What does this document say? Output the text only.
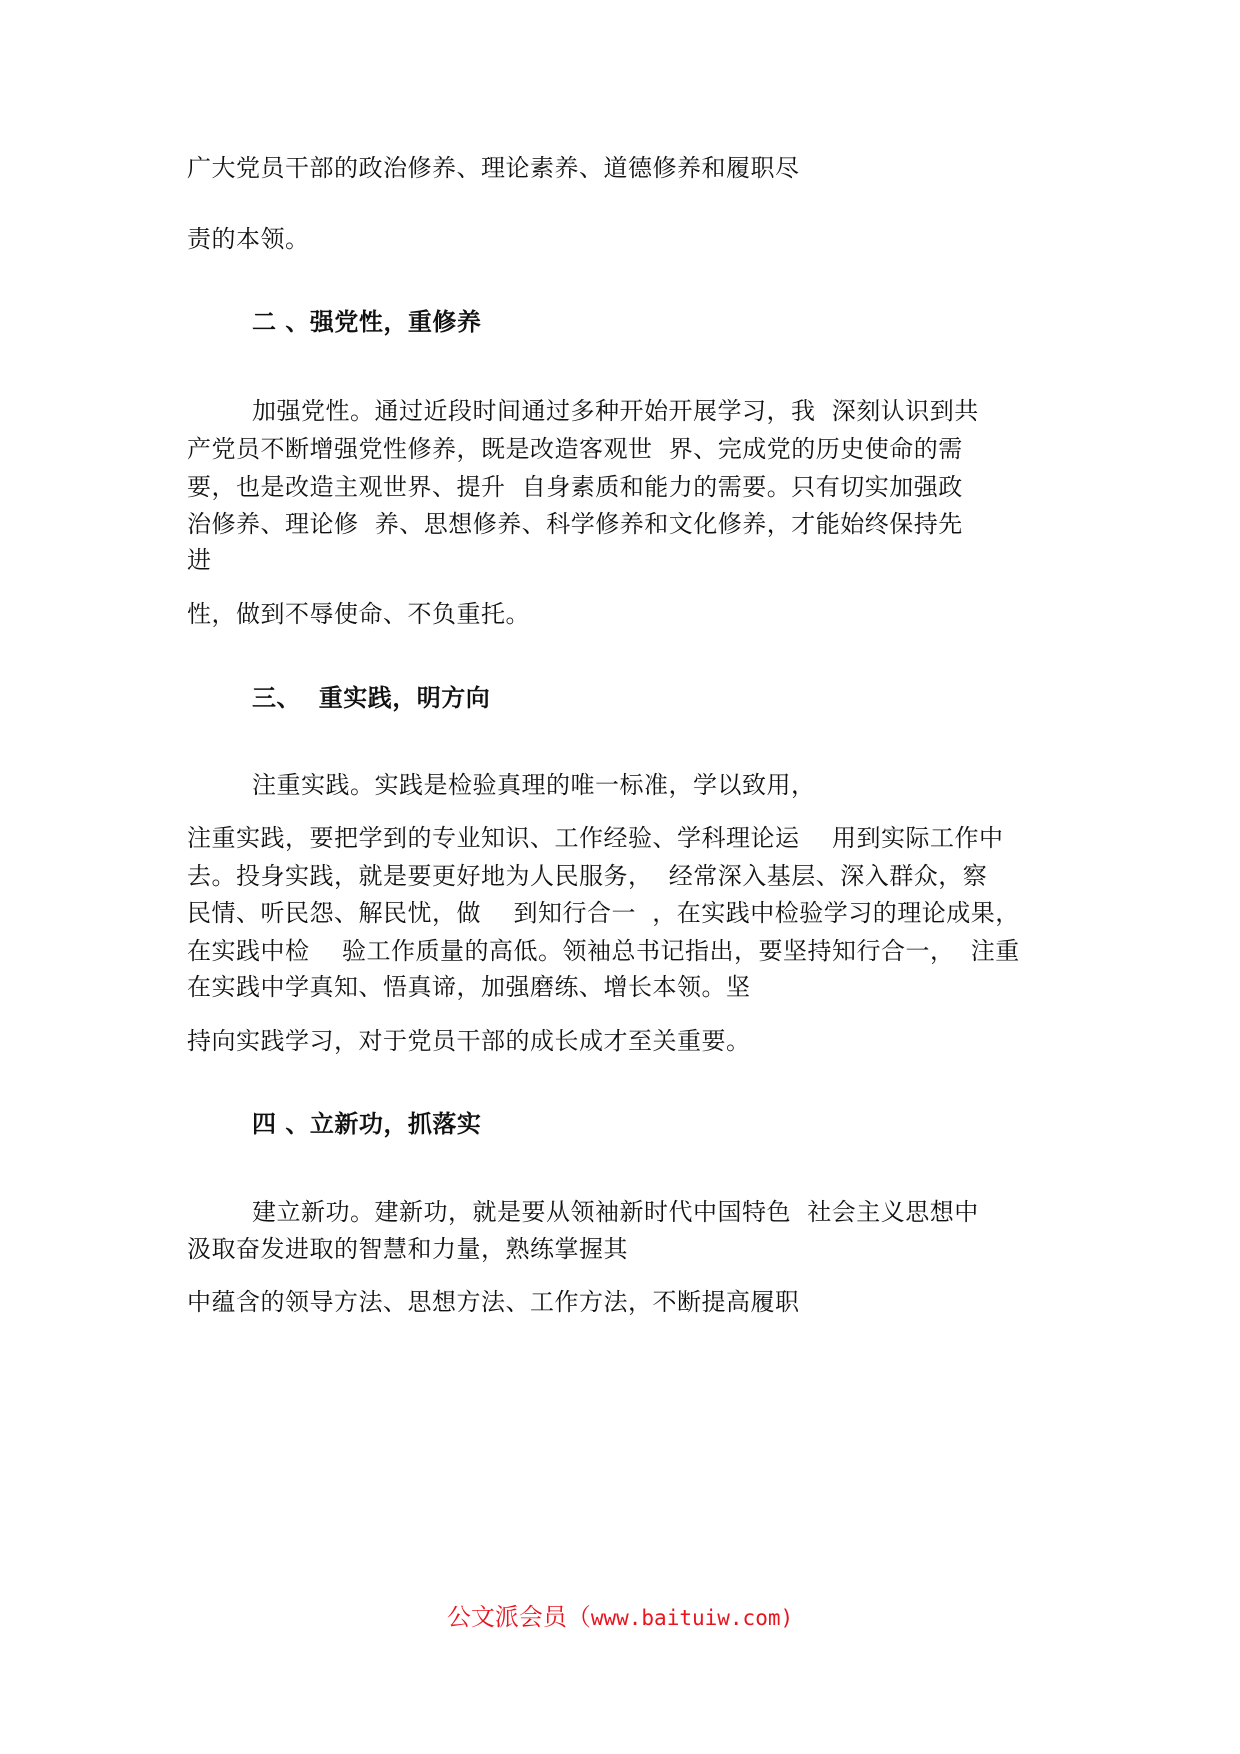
广大党员干部的政治修养、理论素养、道德修养和履职尽
责的本领。
二 、强党性，重修养
加强党性。通过近段时间通过多种开始开展学习，我  深刻认识到共
产党员不断增强党性修养，既是改造客观世  界、完成党的历史使命的需
要，也是改造主观世界、提升  自身素质和能力的需要。只有切实加强政
治修养、理论修  养、思想修养、科学修养和文化修养，才能始终保持先
进
性，做到不辱使命、不负重托。
三、  重实践，明方向
注重实践。实践是检验真理的唯一标准，学以致用，
注重实践，要把学到的专业知识、工作经验、学科理论运    用到实际工作中
去。投身实践，就是要更好地为人民服务，  经常深入基层、深入群众，察
民情、听民怨、解民忧，做    到知行合一  ，在实践中检验学习的理论成果，
在实践中检    验工作质量的高低。领袖总书记指出，要坚持知行合一，  注重
在实践中学真知、悟真谛，加强磨练、增长本领。坚
持向实践学习，对于党员干部的成长成才至关重要。
四 、立新功，抓落实
建立新功。建新功，就是要从领袖新时代中国特色  社会主义思想中
汲取奋发进取的智慧和力量，熟练掌握其
中蕴含的领导方法、思想方法、工作方法，不断提高履职
公文派会员（www.baituiw.com)
